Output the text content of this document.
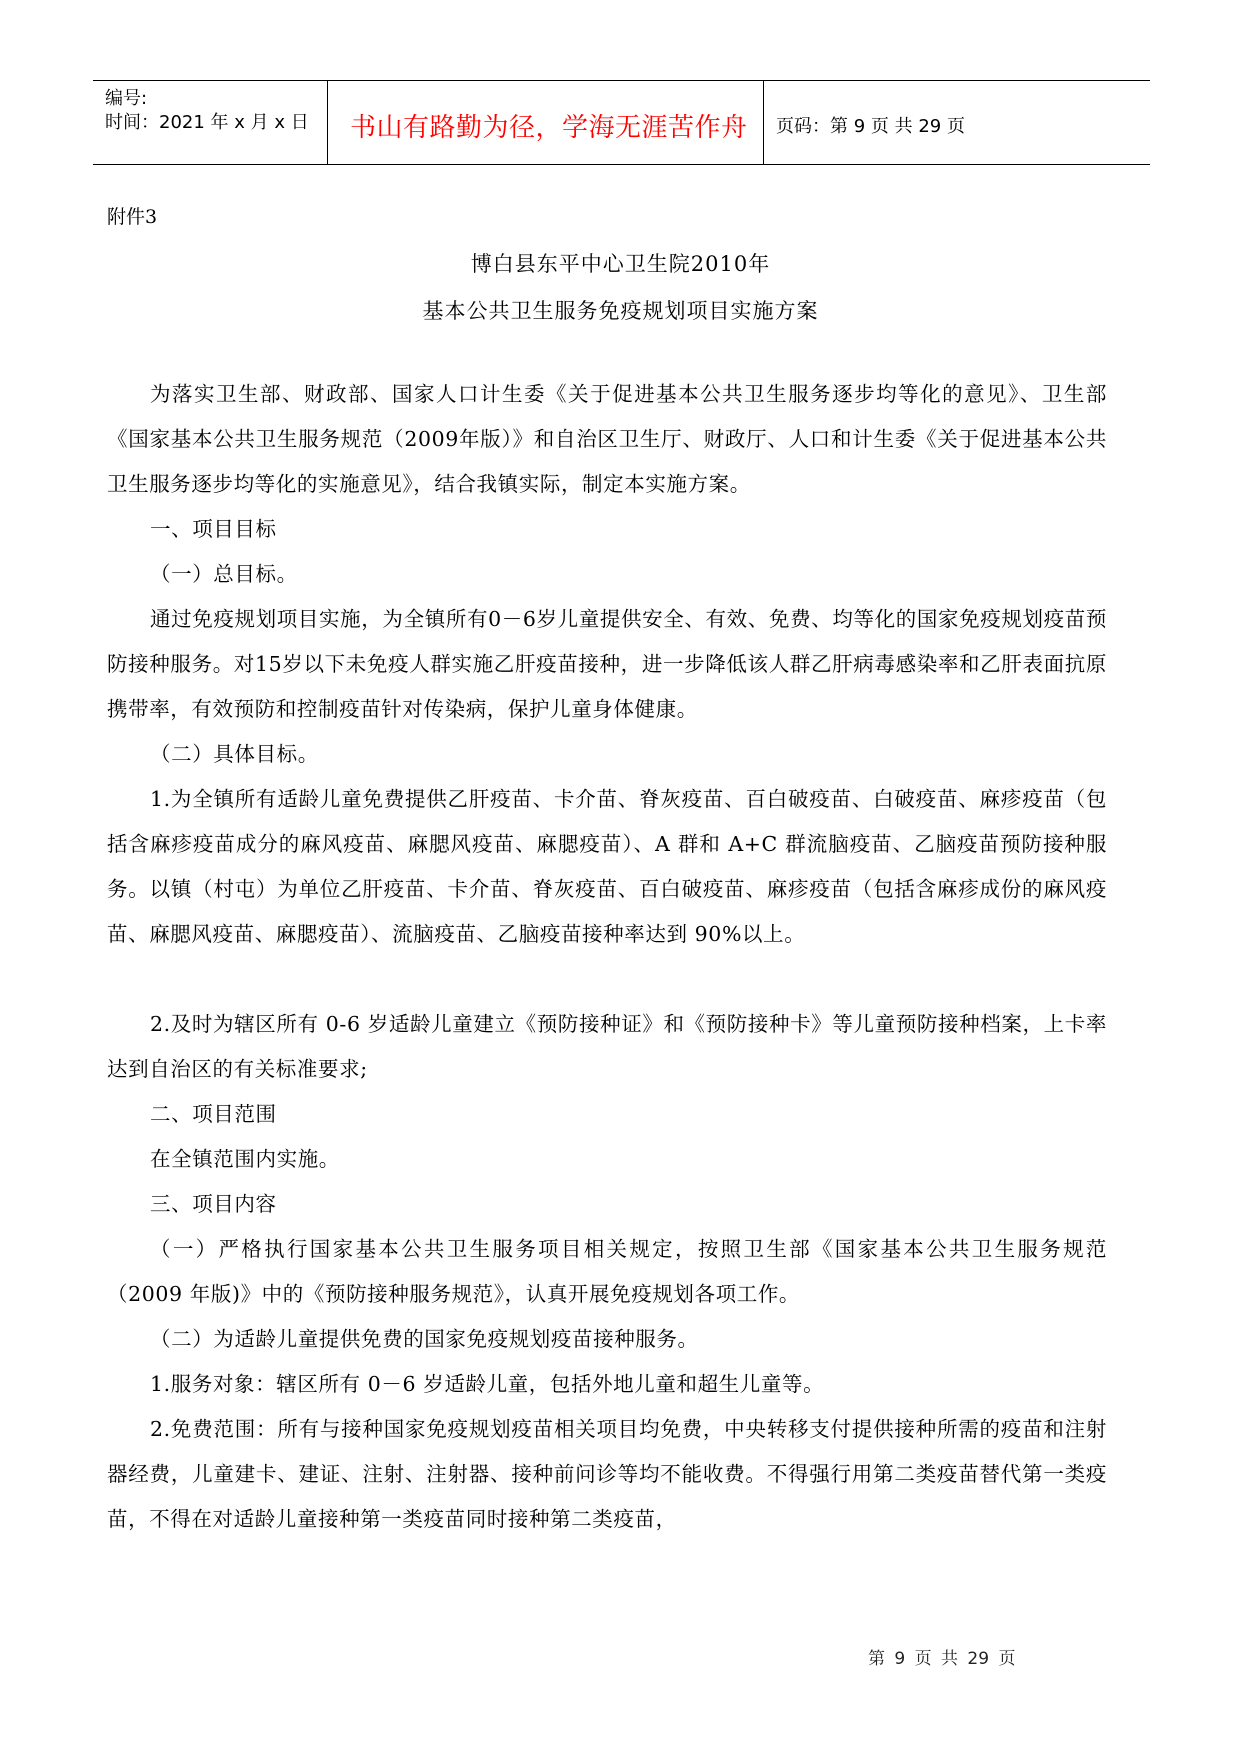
编号:
时间：2021 年 x 月 x 日 书山有路勤为径，学海无涯苦作舟 页码：第 9 页 共 29 页
附件3
博白县东平中心卫生院2010年
基本公共卫生服务免疫规划项目实施方案
为落实卫生部、财政部、国家人口计生委《关于促进基本公共卫生服务逐步均等化的意见》、卫生部《国家基本公共卫生服务规范（2009年版）》和自治区卫生厅、财政厅、人口和计生委《关于促进基本公共卫生服务逐步均等化的实施意见》，结合我镇实际，制定本实施方案。
一、项目目标
（一）总目标。
通过免疫规划项目实施，为全镇所有0－6岁儿童提供安全、有效、免费、均等化的国家免疫规划疫苗预防接种服务。对15岁以下未免疫人群实施乙肝疫苗接种，进一步降低该人群乙肝病毒感染率和乙肝表面抗原携带率，有效预防和控制疫苗针对传染病，保护儿童身体健康。
（二）具体目标。
1.为全镇所有适龄儿童免费提供乙肝疫苗、卡介苗、脊灰疫苗、百白破疫苗、白破疫苗、麻疹疫苗（包括含麻疹疫苗成分的麻风疫苗、麻腮风疫苗、麻腮疫苗）、A 群和 A+C 群流脑疫苗、乙脑疫苗预防接种服务。以镇（村屯）为单位乙肝疫苗、卡介苗、脊灰疫苗、百白破疫苗、麻疹疫苗（包括含麻疹成份的麻风疫苗、麻腮风疫苗、麻腮疫苗）、流脑疫苗、乙脑疫苗接种率达到 90%以上。
2.及时为辖区所有 0-6 岁适龄儿童建立《预防接种证》和《预防接种卡》等儿童预防接种档案，上卡率达到自治区的有关标准要求;
二、项目范围
在全镇范围内实施。
三、项目内容
（一）严格执行国家基本公共卫生服务项目相关规定，按照卫生部《国家基本公共卫生服务规范（2009 年版)》中的《预防接种服务规范》，认真开展免疫规划各项工作。
（二）为适龄儿童提供免费的国家免疫规划疫苗接种服务。
1.服务对象：辖区所有 0－6 岁适龄儿童，包括外地儿童和超生儿童等。
2.免费范围：所有与接种国家免疫规划疫苗相关项目均免费，中央转移支付提供接种所需的疫苗和注射器经费，儿童建卡、建证、注射、注射器、接种前问诊等均不能收费。不得强行用第二类疫苗替代第一类疫苗，不得在对适龄儿童接种第一类疫苗同时接种第二类疫苗，
第 9 页 共 29 页
